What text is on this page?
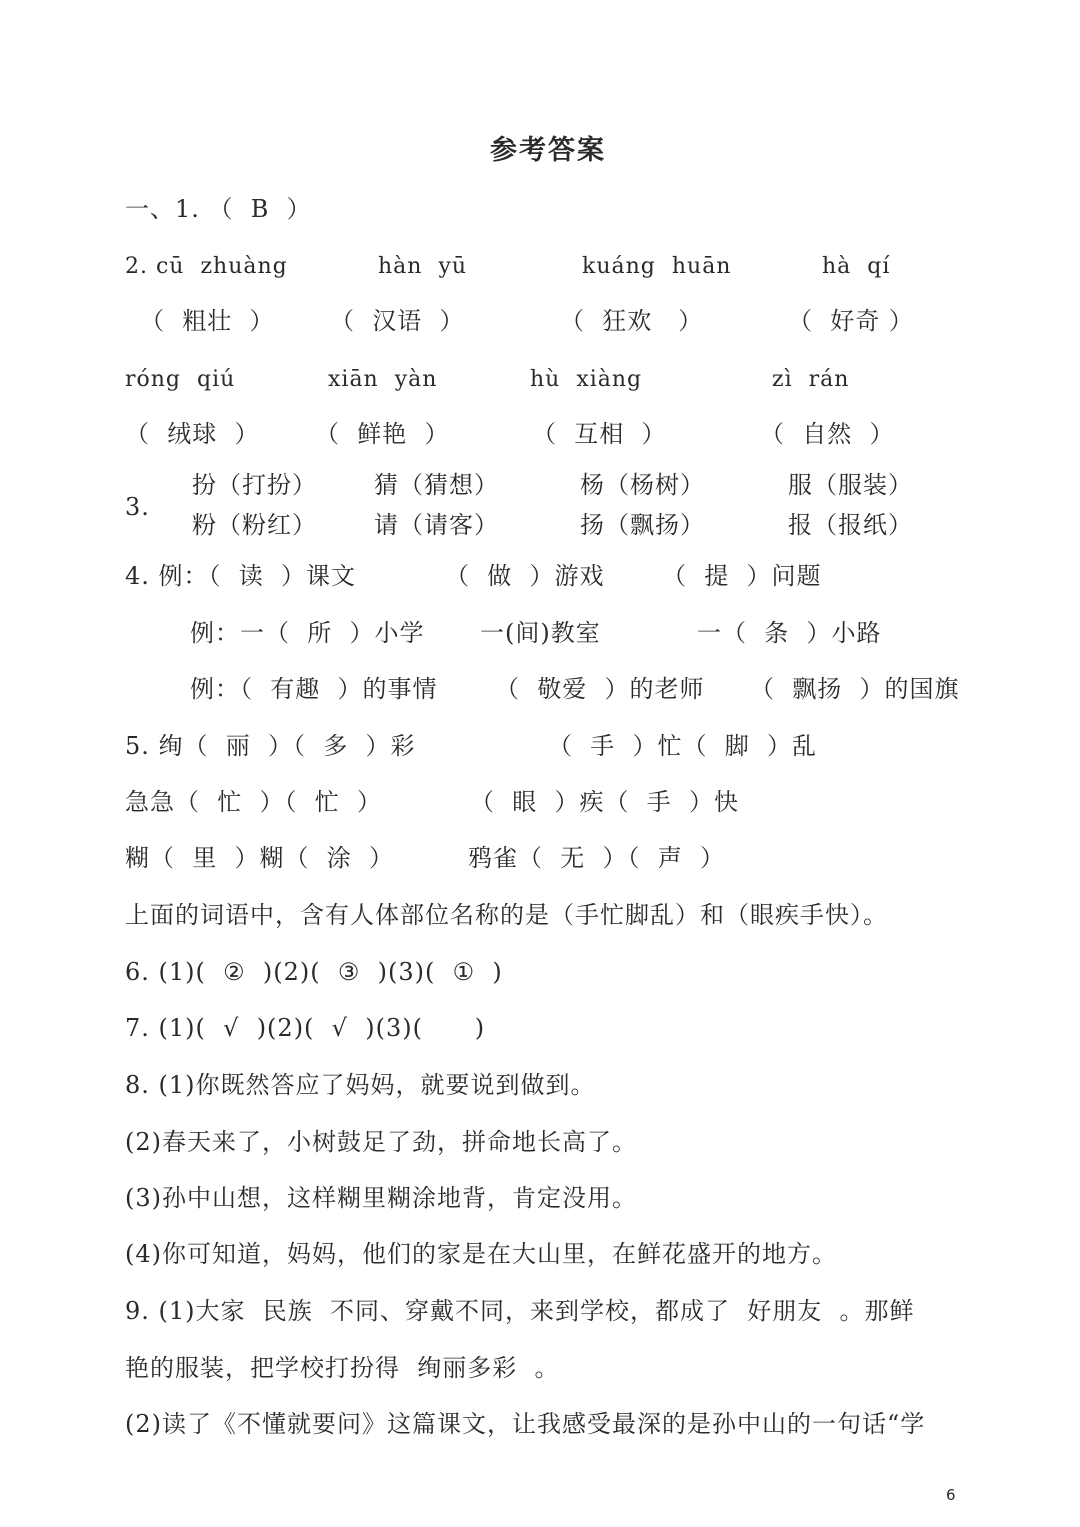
参考答案
一、1. （  B  ）
2. cū  zhuàng	hàn  yū	kuáng  huān	hà  qí
（  粗壮  ） （  汉语  ）	（  狂欢   ）	（  好奇 ）
róng  qiú	xiān  yàn	hù  xiàng	zì  rán
（  绒球  ） （  鲜艳  ）	（  互相  ）	（  自然  ）
3.
扮（打扮） 猜（猜想）	杨（杨树）	服（服装）
粉（粉红） 请（请客）	扬（飘扬）	报（报纸）
4. 例：（  读  ）课文	（  做  ）游戏 （  提  ）问题
例：一（  所  ）小学 一(间)教室	一（  条  ）小路
例：（  有趣  ）的事情 （  敬爱  ）的老师 （  飘扬  ）的国旗
5. 绚（  丽  ）（  多  ）彩	（  手  ）忙（  脚  ）乱
急急（  忙  ）（  忙  ）	（  眼  ）疾（  手  ）快
糊（  里  ）糊（  涂  ）	鸦雀（  无  ）（  声  ）
上面的词语中，含有人体部位名称的是（手忙脚乱）和（眼疾手快）。
6. (1)(  ②  )(2)(  ③  )(3)(  ①  )
7. (1)(  √  )(2)(  √  )(3)(      )
8. (1)你既然答应了妈妈，就要说到做到。
(2)春天来了，小树鼓足了劲，拼命地长高了。
(3)孙中山想，这样糊里糊涂地背，肯定没用。
(4)你可知道，妈妈，他们的家是在大山里，在鲜花盛开的地方。
9. (1)大家  民族  不同、穿戴不同，来到学校，都成了  好朋友  。那鲜
艳的服装，把学校打扮得  绚丽多彩  。
(2)读了《不懂就要问》这篇课文，让我感受最深的是孙中山的一句话“学
6
